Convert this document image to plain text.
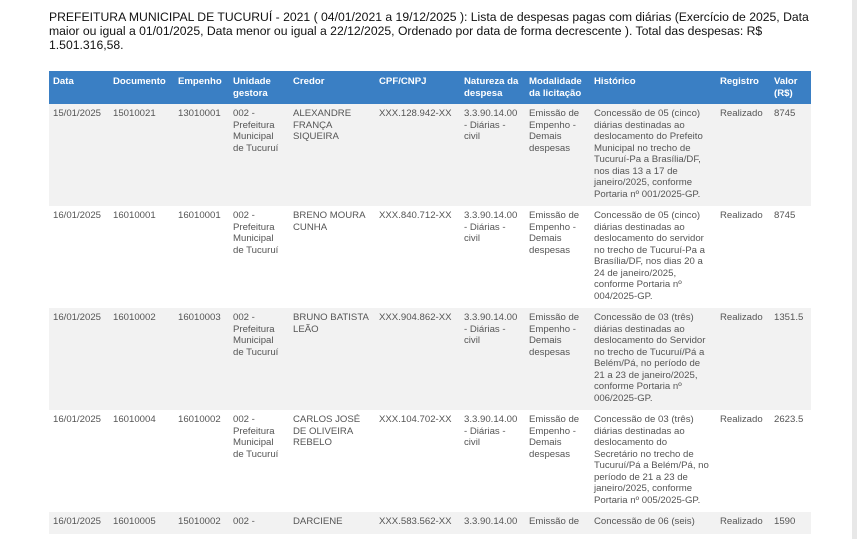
PREFEITURA MUNICIPAL DE TUCURUÍ - 2021 ( 04/01/2021 a 19/12/2025 ): Lista de despesas pagas com diárias (Exercício de 2025, Data maior ou igual a 01/01/2025, Data menor ou igual a 22/12/2025, Ordenado por data de forma decrescente ). Total das despesas: R$ 1.501.316,58.
Data	Documento	Empenho	Unidade gestora	Credor	CPF/CNPJ	Natureza da despesa	Modalidade da licitação	Histórico	Registro	Valor (R$)
15/01/2025	15010021	13010001	002 - Prefeitura Municipal de Tucuruí	ALEXANDRE FRANÇA SIQUEIRA	XXX.128.942-XX	3.3.90.14.00 - Diárias - civil	Emissão de Empenho - Demais despesas	Concessão de 05 (cinco) diárias destinadas ao deslocamento do Prefeito Municipal no trecho de Tucuruí-Pa a Brasília/DF, nos dias 13 a 17 de janeiro/2025, conforme Portaria nº 001/2025-GP.	Realizado	8745
16/01/2025	16010001	16010001	002 - Prefeitura Municipal de Tucuruí	BRENO MOURA CUNHA	XXX.840.712-XX	3.3.90.14.00 - Diárias - civil	Emissão de Empenho - Demais despesas	Concessão de 05 (cinco) diárias destinadas ao deslocamento do servidor no trecho de Tucuruí-Pa a Brasília/DF, nos dias 20 a 24 de janeiro/2025, conforme Portaria nº 004/2025-GP.	Realizado	8745
16/01/2025	16010002	16010003	002 - Prefeitura Municipal de Tucuruí	BRUNO BATISTA LEÃO	XXX.904.862-XX	3.3.90.14.00 - Diárias - civil	Emissão de Empenho - Demais despesas	Concessão de 03 (três) diárias destinadas ao deslocamento do Servidor no trecho de Tucuruí/Pá a Belém/Pá, no período de 21 a 23 de janeiro/2025, conforme Portaria nº 006/2025-GP.	Realizado	1351.5
16/01/2025	16010004	16010002	002 - Prefeitura Municipal de Tucuruí	CARLOS JOSÉ DE OLIVEIRA REBELO	XXX.104.702-XX	3.3.90.14.00 - Diárias - civil	Emissão de Empenho - Demais despesas	Concessão de 03 (três) diárias destinadas ao deslocamento do Secretário no trecho de Tucuruí/Pá a Belém/Pá, no período de 21 a 23 de janeiro/2025, conforme Portaria nº 005/2025-GP.	Realizado	2623.5
16/01/2025	16010005	15010002	002 -	DARCIENE	XXX.583.562-XX	3.3.90.14.00	Emissão de	Concessão de 06 (seis)	Realizado	1590
